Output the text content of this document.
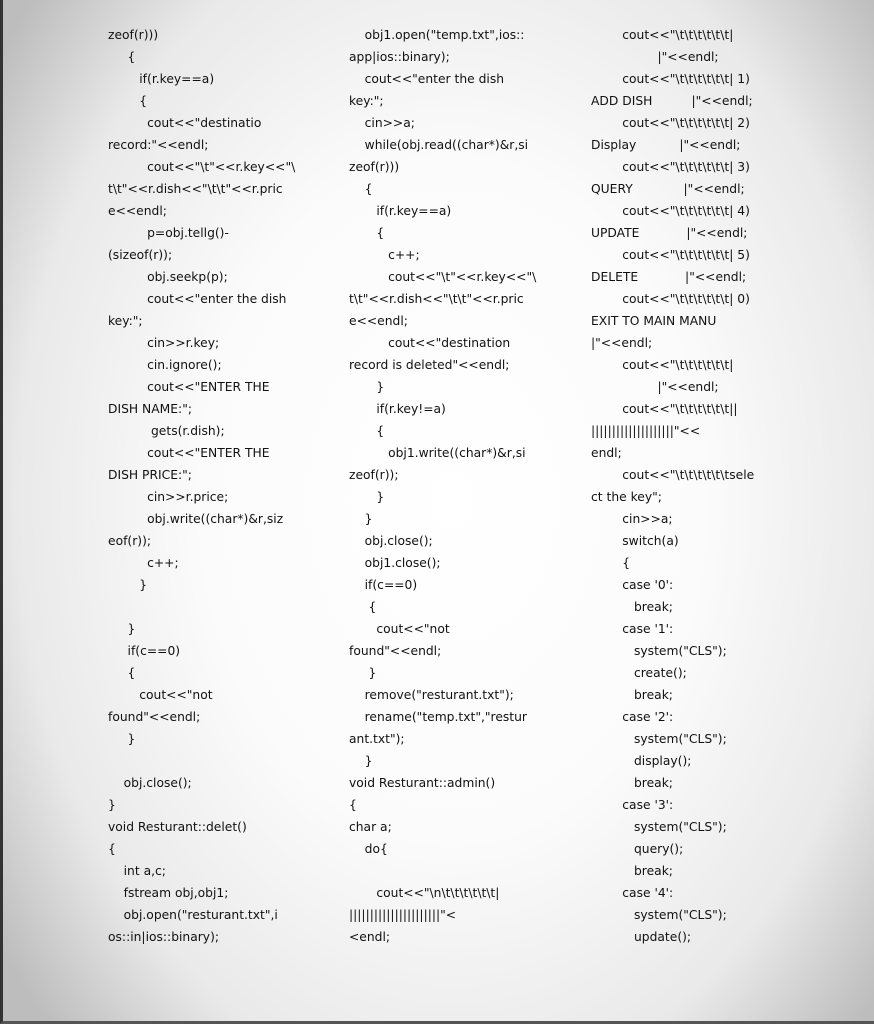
zeof(r)))
{
if(r.key==a)
{
cout<<"destinatio
record:"<<endl;
cout<<"\t"<<r.key<<"\
t\t"<<r.dish<<"\t\t"<<r.pric
e<<endl;
p=obj.tellg()-
(sizeof(r));
obj.seekp(p);
cout<<"enter the dish
key:";
cin>>r.key;
cin.ignore();
cout<<"ENTER THE
DISH NAME:";
gets(r.dish);
cout<<"ENTER THE
DISH PRICE:";
cin>>r.price;
obj.write((char*)&r,siz
eof(r));
c++;
}
}
if(c==0)
{
cout<<"not
found"<<endl;
}
obj.close();
}
void Resturant::delet()
{
int a,c;
fstream obj,obj1;
obj.open("resturant.txt",i
os::in|ios::binary);
obj1.open("temp.txt",ios::
app|ios::binary);
cout<<"enter the dish
key:";
cin>>a;
while(obj.read((char*)&r,si
zeof(r)))
{
if(r.key==a)
{
c++;
cout<<"\t"<<r.key<<"\
t\t"<<r.dish<<"\t\t"<<r.pric
e<<endl;
cout<<"destination
record is deleted"<<endl;
}
if(r.key!=a)
{
obj1.write((char*)&r,si
zeof(r));
}
}
obj.close();
obj1.close();
if(c==0)
{
cout<<"not
found"<<endl;
}
remove("resturant.txt");
rename("temp.txt","restur
ant.txt");
}
void Resturant::admin()
{
char a;
do{
cout<<"\n\t\t\t\t\t\t|
||||||||||||||||||||||"<
<endl;
cout<<"\t\t\t\t\t\t|
|"<<endl;
cout<<"\t\t\t\t\t\t| 1)
ADD DISH          |"<<endl;
cout<<"\t\t\t\t\t\t| 2)
Display           |"<<endl;
cout<<"\t\t\t\t\t\t| 3)
QUERY             |"<<endl;
cout<<"\t\t\t\t\t\t| 4)
UPDATE            |"<<endl;
cout<<"\t\t\t\t\t\t| 5)
DELETE            |"<<endl;
cout<<"\t\t\t\t\t\t| 0)
EXIT TO MAIN MANU
|"<<endl;
cout<<"\t\t\t\t\t\t|
|"<<endl;
cout<<"\t\t\t\t\t\t||
||||||||||||||||||||"<<
endl;
cout<<"\t\t\t\t\t\tsele
ct the key";
cin>>a;
switch(a)
{
case '0':
break;
case '1':
system("CLS");
create();
break;
case '2':
system("CLS");
display();
break;
case '3':
system("CLS");
query();
break;
case '4':
system("CLS");
update();
